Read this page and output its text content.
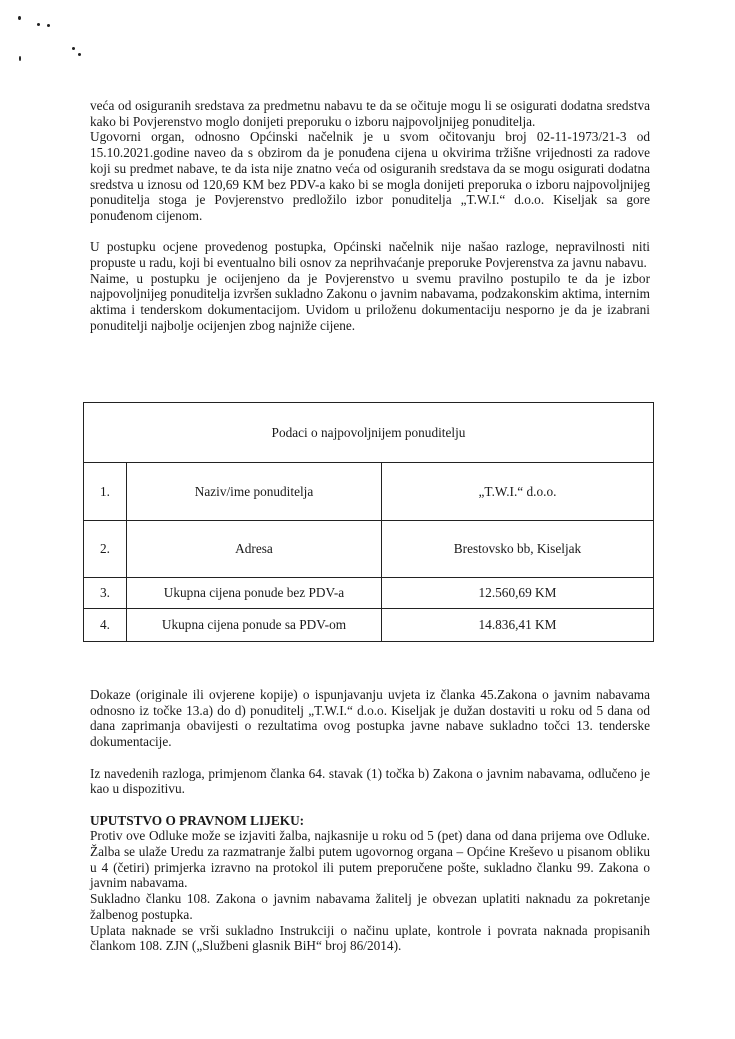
veća od osiguranih sredstava za predmetnu nabavu te da se očituje mogu li se osigurati dodatna sredstva kako bi Povjerenstvo moglo donijeti preporuku o izboru najpovoljnijeg ponuditelja.

Ugovorni organ, odnosno Općinski načelnik je u svom očitovanju broj 02-11-1973/21-3 od 15.10.2021.godine naveo da s obzirom da je ponuđena cijena u okvirima tržišne vrijednosti za radove koji su predmet nabave, te da ista nije znatno veća od osiguranih sredstava da se mogu osigurati dodatna sredstva u iznosu od 120,69 KM bez PDV-a kako bi se mogla donijeti preporuka o izboru najpovoljnijeg ponuditelja stoga je Povjerenstvo predložilo izbor ponuditelja „T.W.I.“ d.o.o. Kiseljak sa gore ponuđenom cijenom.

U postupku ocjene provedenog postupka, Općinski načelnik nije našao razloge, nepravilnosti niti propuste u radu, koji bi eventualno bili osnov za neprihvaćanje preporuke Povjerenstva za javnu nabavu.

Naime, u postupku je ocijenjeno da je Povjerenstvo u svemu pravilno postupilo te da je izbor najpovoljnijeg ponuditelja izvršen sukladno Zakonu o javnim nabavama, podzakonskim aktima, internim aktima i tenderskom dokumentacijom. Uvidom u priloženu dokumentaciju nesporno je da je izabrani ponuditelji najbolje ocijenjen zbog najniže cijene.

Podaci o najpovoljnijem ponuditelju		
1.	Naziv/ime ponuditelja	„T.W.I.“ d.o.o.
2.	Adresa	Brestovsko bb, Kiseljak
3.	Ukupna cijena ponude bez PDV-a	12.560,69 KM
4.	Ukupna cijena ponude sa PDV-om	14.836,41 KM

Dokaze (originale ili ovjerene kopije) o ispunjavanju uvjeta iz članka 45.Zakona o javnim nabavama odnosno iz točke 13.a) do d) ponuditelj „T.W.I.“ d.o.o. Kiseljak je dužan dostaviti u roku od 5 dana od dana zaprimanja obavijesti o rezultatima ovog postupka javne nabave sukladno točci 13. tenderske dokumentacije.

Iz navedenih razloga, primjenom članka 64. stavak (1) točka b) Zakona o javnim nabavama, odlučeno je kao u dispozitivu.

UPUTSTVO O PRAVNOM LIJEKU:

Protiv ove Odluke može se izjaviti žalba, najkasnije u roku od 5 (pet) dana od dana prijema ove Odluke. Žalba se ulaže Uredu za razmatranje žalbi putem ugovornog organa – Općine Kreševo u pisanom obliku u 4 (četiri) primjerka izravno na protokol ili putem preporučene pošte, sukladno članku 99. Zakona o javnim nabavama.

Sukladno članku 108. Zakona o javnim nabavama žalitelj je obvezan uplatiti naknadu za pokretanje žalbenog postupka.

Uplata naknade se vrši sukladno Instrukciji o načinu uplate, kontrole i povrata naknada propisanih člankom 108. ZJN („Službeni glasnik BiH“ broj 86/2014).
